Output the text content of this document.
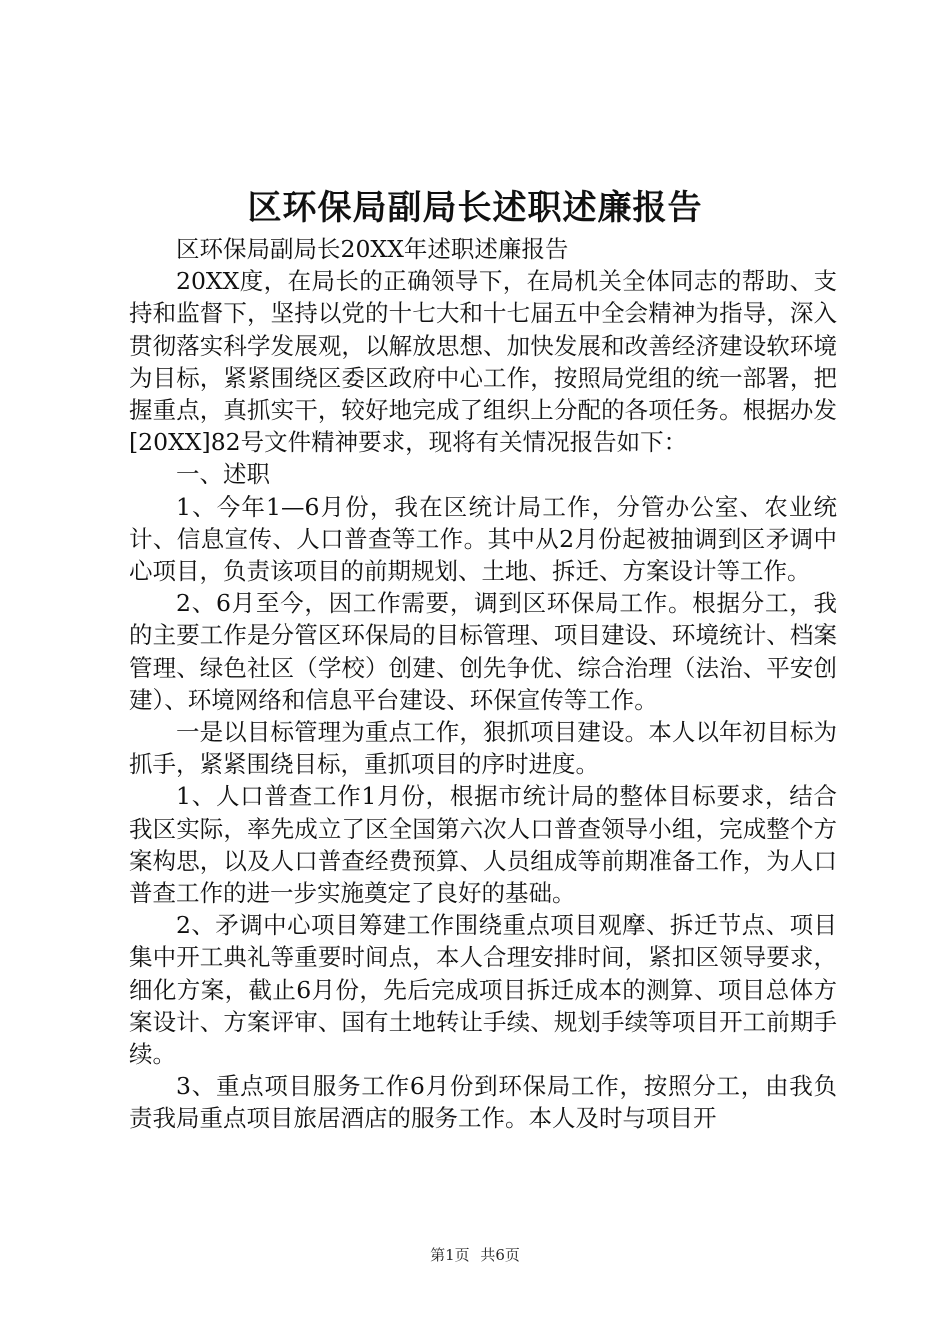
区环保局副局长述职述廉报告

区环保局副局长20XX年述职述廉报告

20XX度，在局长的正确领导下，在局机关全体同志的帮助、支持和监督下，坚持以党的十七大和十七届五中全会精神为指导，深入贯彻落实科学发展观，以解放思想、加快发展和改善经济建设软环境为目标，紧紧围绕区委区政府中心工作，按照局党组的统一部署，把握重点，真抓实干，较好地完成了组织上分配的各项任务。根据办发[20XX]82号文件精神要求，现将有关情况报告如下：

一、述职

1、今年1—6月份，我在区统计局工作，分管办公室、农业统计、信息宣传、人口普查等工作。其中从2月份起被抽调到区矛调中心项目，负责该项目的前期规划、土地、拆迁、方案设计等工作。

2、6月至今，因工作需要，调到区环保局工作。根据分工，我的主要工作是分管区环保局的目标管理、项目建设、环境统计、档案管理、绿色社区（学校）创建、创先争优、综合治理（法治、平安创建）、环境网络和信息平台建设、环保宣传等工作。

一是以目标管理为重点工作，狠抓项目建设。本人以年初目标为抓手，紧紧围绕目标，重抓项目的序时进度。

1、人口普查工作1月份，根据市统计局的整体目标要求，结合我区实际，率先成立了区全国第六次人口普查领导小组，完成整个方案构思，以及人口普查经费预算、人员组成等前期准备工作，为人口普查工作的进一步实施奠定了良好的基础。

2、矛调中心项目筹建工作围绕重点项目观摩、拆迁节点、项目集中开工典礼等重要时间点，本人合理安排时间，紧扣区领导要求，细化方案，截止6月份，先后完成项目拆迁成本的测算、项目总体方案设计、方案评审、国有土地转让手续、规划手续等项目开工前期手续。

3、重点项目服务工作6月份到环保局工作，按照分工，由我负责我局重点项目旅居酒店的服务工作。本人及时与项目开

第1页 共6页
